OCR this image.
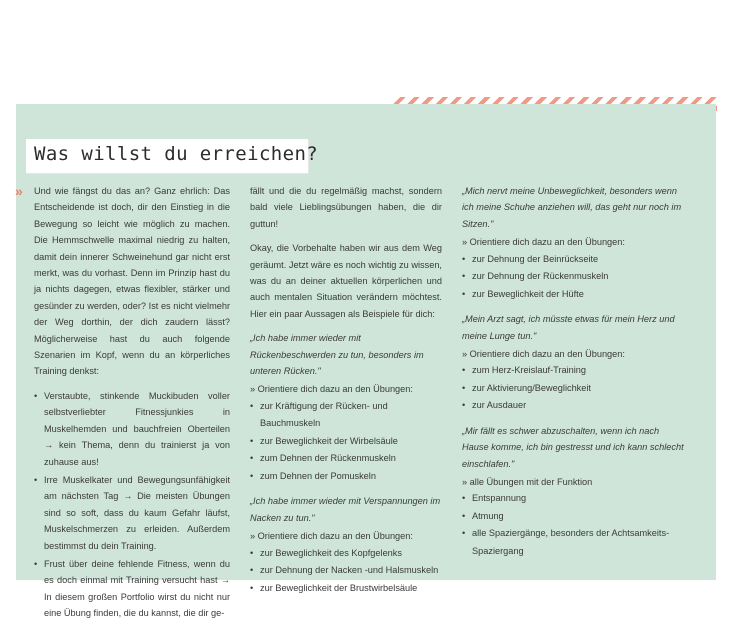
Was willst du erreichen?
» Und wie fängst du das an? Ganz ehrlich: Das Entscheidende ist doch, dir den Einstieg in die Bewegung so leicht wie möglich zu machen. Die Hemmschwelle maximal niedrig zu halten, damit dein innerer Schweinehund gar nicht erst merkt, was du vorhast. Denn im Prinzip hast du ja nichts dagegen, etwas flexibler, stärker und gesünder zu werden, oder? Ist es nicht vielmehr der Weg dorthin, der dich zaudern lässt? Möglicherweise hast du auch folgende Szenarien im Kopf, wenn du an körperliches Training denkst:

• Verstaubte, stinkende Muckibuden voller selbstverliebter Fitnessjunkies in Muskelhemden und bauchfreien Oberteilen → kein Thema, denn du trainierst ja von zuhause aus!
• Irre Muskelkater und Bewegungsunfähigkeit am nächsten Tag → Die meisten Übungen sind so soft, dass du kaum Gefahr läufst, Muskelschmerzen zu erleiden. Außerdem bestimmst du dein Training.
• Frust über deine fehlende Fitness, wenn du es doch einmal mit Training versucht hast → In diesem großen Portfolio wirst du nicht nur eine Übung finden, die du kannst, die dir ge-

fällt und die du regelmäßig machst, sondern bald viele Lieblingsübungen haben, die dir guttun!

Okay, die Vorbehalte haben wir aus dem Weg geräumt. Jetzt wäre es noch wichtig zu wissen, was du an deiner aktuellen körperlichen und auch mentalen Situation verändern möchtest. Hier ein paar Aussagen als Beispiele für dich:

„Ich habe immer wieder mit Rückenbeschwerden zu tun, besonders im unteren Rücken."

» Orientiere dich dazu an den Übungen:

• zur Kräftigung der Rücken- und Bauchmuskeln
• zur Beweglichkeit der Wirbelsäule
• zum Dehnen der Rückenmuskeln
• zum Dehnen der Pomuskeln

„Ich habe immer wieder mit Verspannungen im Nacken zu tun."

» Orientiere dich dazu an den Übungen:

• zur Beweglichkeit des Kopfgelenks
• zur Dehnung der Nacken -und Halsmuskeln
• zur Beweglichkeit der Brustwirbelsäule

„Mich nervt meine Unbeweglichkeit, besonders wenn ich meine Schuhe anziehen will, das geht nur noch im Sitzen."

» Orientiere dich dazu an den Übungen:

• zur Dehnung der Beinrückseite
• zur Dehnung der Rückenmuskeln
• zur Beweglichkeit der Hüfte

„Mein Arzt sagt, ich müsste etwas für mein Herz und meine Lunge tun."

» Orientiere dich dazu an den Übungen:

• zum Herz-Kreislauf-Training
• zur Aktivierung/Beweglichkeit
• zur Ausdauer

„Mir fällt es schwer abzuschalten, wenn ich nach Hause komme, ich bin gestresst und ich kann schlecht einschlafen."

» alle Übungen mit der Funktion

• Entspannung
• Atmung
• alle Spaziergänge, besonders der Achtsamkeits-Spaziergang
